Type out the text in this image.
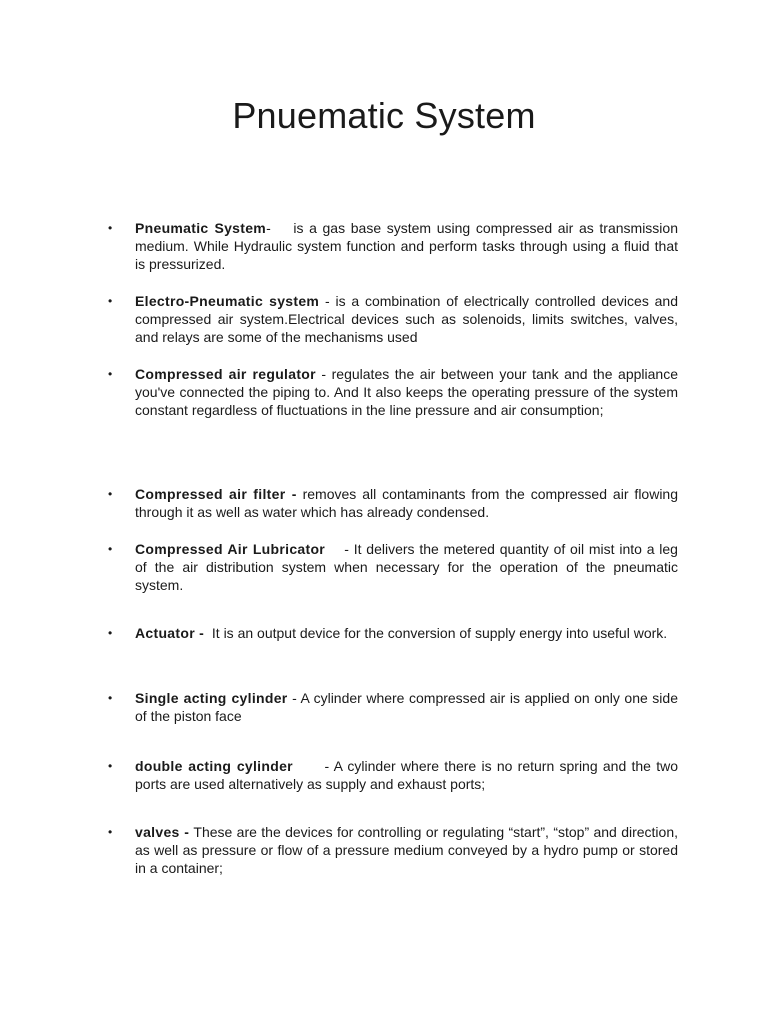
Pnuematic System
•	Pneumatic System-    is a gas base system using compressed air as transmission medium. While Hydraulic system function and perform tasks through using a fluid that is pressurized.
•	Electro-Pneumatic system - is a combination of electrically controlled devices and compressed air system.Electrical devices such as solenoids, limits switches, valves, and relays are some of the mechanisms used
•	Compressed air regulator - regulates the air between your tank and the appliance you've connected the piping to. And It also keeps the operating pressure of the system constant regardless of fluctuations in the line pressure and air consumption;
•	Compressed air filter - removes all contaminants from the compressed air flowing through it as well as water which has already condensed.
•	Compressed Air Lubricator    - It delivers the metered quantity of oil mist into a leg of the air distribution system when necessary for the operation of the pneumatic system.
•	Actuator - It is an output device for the conversion of supply energy into useful work.
•	Single acting cylinder - A cylinder where compressed air is applied on only one side of the piston face
•	double acting cylinder      - A cylinder where there is no return spring and the two ports are used alternatively as supply and exhaust ports;
•	valves - These are the devices for controlling or regulating “start”, “stop” and direction, as well as pressure or flow of a pressure medium conveyed by a hydro pump or stored in a container;
